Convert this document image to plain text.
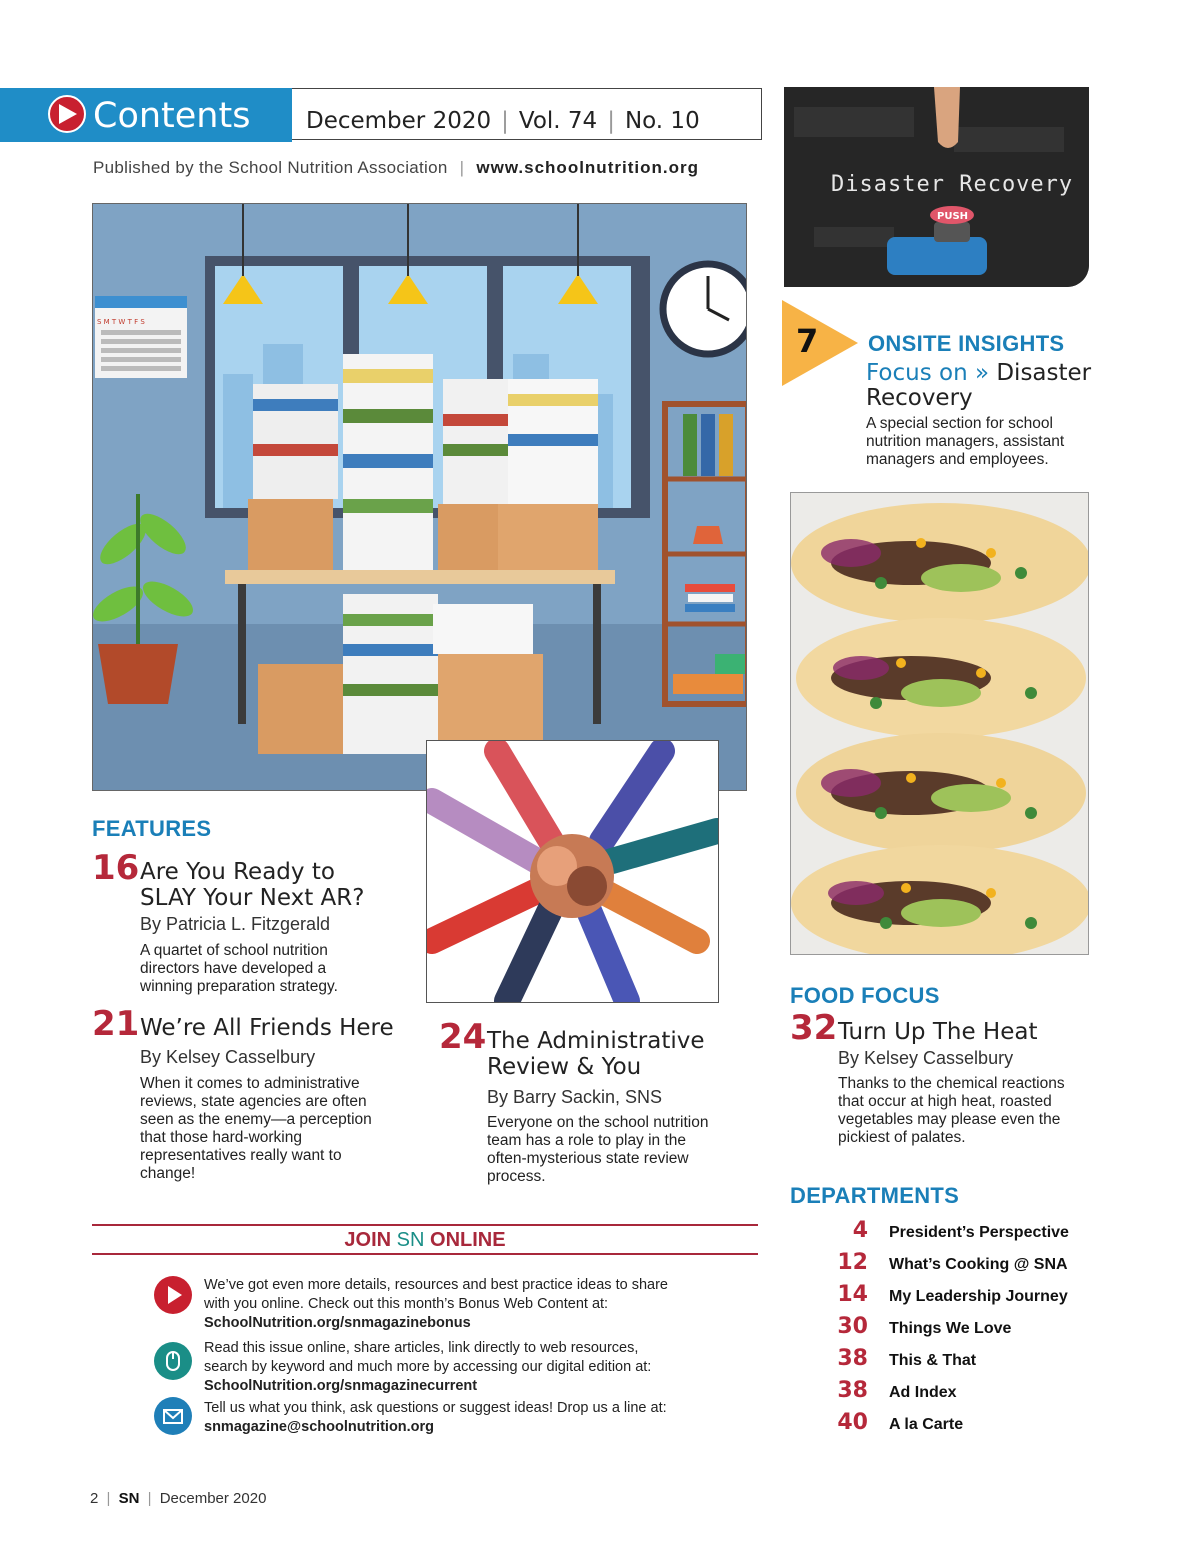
Contents December 2020 | Vol. 74 | No. 10
Published by the School Nutrition Association | www.schoolnutrition.org
S M T W T F S
Disaster Recovery
PUSH
7 ONSITE INSIGHTS
Focus on » Disaster
Recovery
A special section for school
nutrition managers, assistant
managers and employees.
FEATURES
16 Are You Ready to
SLAY Your Next AR?
By Patricia L. Fitzgerald
A quartet of school nutrition
directors have developed a
winning preparation strategy.
21 We’re All Friends Here
By Kelsey Casselbury
When it comes to administrative
reviews, state agencies are often
seen as the enemy—a perception
that those hard-working
representatives really want to
change!
24 The Administrative
Review & You
By Barry Sackin, SNS
Everyone on the school nutrition
team has a role to play in the
often-mysterious state review
process.
FOOD FOCUS
32 Turn Up The Heat
By Kelsey Casselbury
Thanks to the chemical reactions
that occur at high heat, roasted
vegetables may please even the
pickiest of palates.
DEPARTMENTS
4 President’s Perspective
12 What’s Cooking @ SNA
14 My Leadership Journey
30 Things We Love
38 This & That
38 Ad Index
40 A la Carte
JOIN SN ONLINE
We’ve got even more details, resources and best practice ideas to share
with you online. Check out this month’s Bonus Web Content at:
SchoolNutrition.org/snmagazinebonus
Read this issue online, share articles, link directly to web resources,
search by keyword and much more by accessing our digital edition at:
SchoolNutrition.org/snmagazinecurrent
Tell us what you think, ask questions or suggest ideas! Drop us a line at:
snmagazine@schoolnutrition.org
2 | SN | December 2020
